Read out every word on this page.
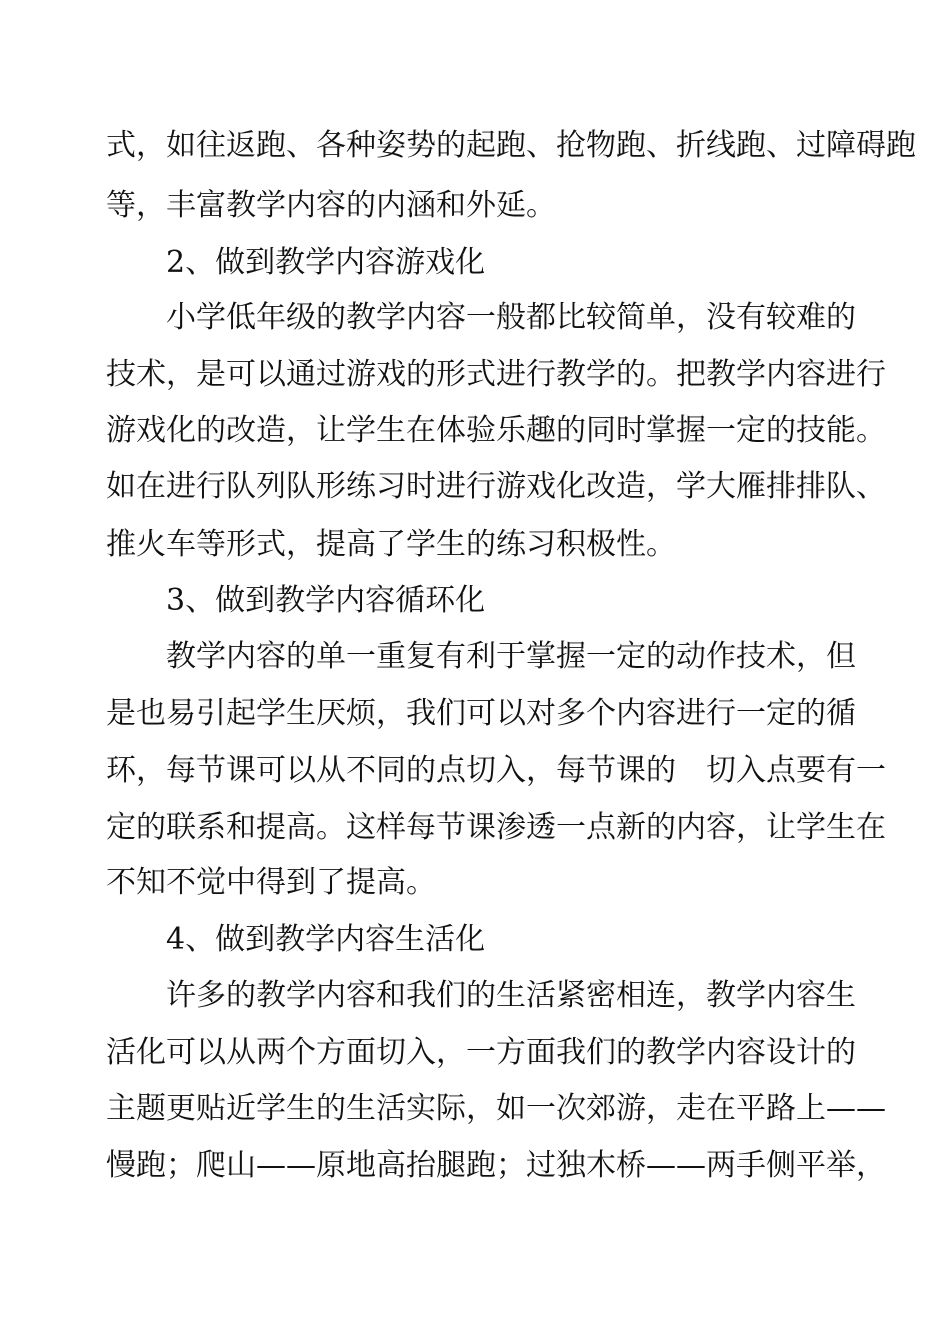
式，如往返跑、各种姿势的起跑、抢物跑、折线跑、过障碍跑
等，丰富教学内容的内涵和外延。
2、做到教学内容游戏化
小学低年级的教学内容一般都比较简单，没有较难的
技术，是可以通过游戏的形式进行教学的。把教学内容进行
游戏化的改造，让学生在体验乐趣的同时掌握一定的技能。
如在进行队列队形练习时进行游戏化改造，学大雁排排队、
推火车等形式，提高了学生的练习积极性。
3、做到教学内容循环化
教学内容的单一重复有利于掌握一定的动作技术，但
是也易引起学生厌烦，我们可以对多个内容进行一定的循
环，每节课可以从不同的点切入，每节课的　切入点要有一
定的联系和提高。这样每节课渗透一点新的内容，让学生在
不知不觉中得到了提高。
4、做到教学内容生活化
许多的教学内容和我们的生活紧密相连，教学内容生
活化可以从两个方面切入，一方面我们的教学内容设计的
主题更贴近学生的生活实际，如一次郊游，走在平路上——
慢跑；爬山——原地高抬腿跑；过独木桥——两手侧平举，
